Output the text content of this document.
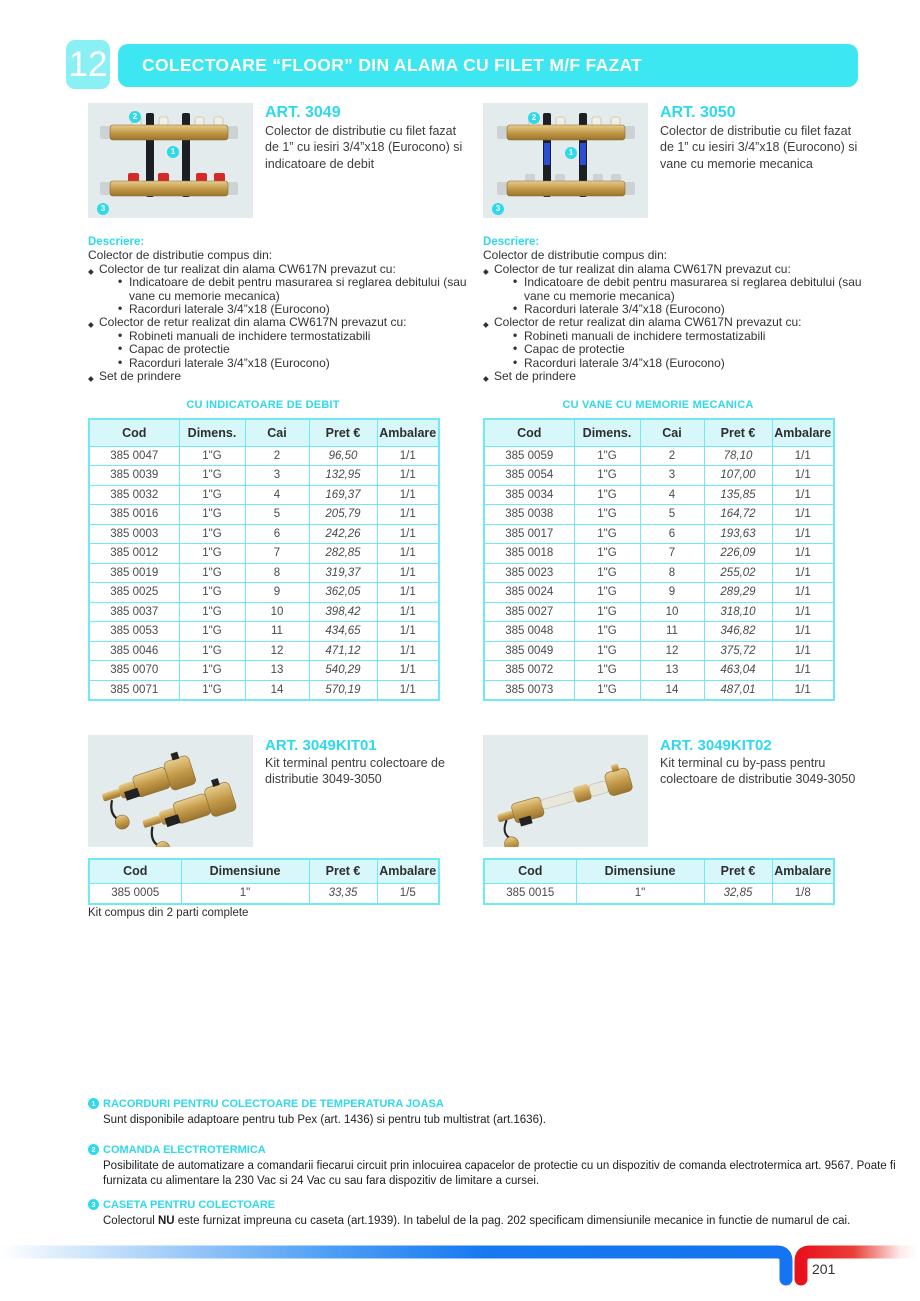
12	COLECTOARE “FLOOR” DIN ALAMA CU FILET M/F FAZAT
2
1
3
ART. 3049
Colector de distributie cu filet fazat de 1” cu iesiri 3/4”x18 (Eurocono) si indicatoare de debit
2
1
3
ART. 3050
Colector de distributie cu filet fazat de 1” cu iesiri 3/4”x18 (Eurocono) si vane cu memorie mecanica
Descriere:
Colector de distributie compus din:
◆ Colector de tur realizat din alama CW617N prevazut cu:
• Indicatoare de debit pentru masurarea si reglarea debitului (sau vane cu memorie mecanica)
• Racorduri laterale 3/4”x18 (Eurocono)
◆ Colector de retur realizat din alama CW617N prevazut cu:
• Robineti manuali de inchidere termostatizabili
• Capac de protectie
• Racorduri laterale 3/4”x18 (Eurocono)
◆ Set de prindere
Descriere:
Colector de distributie compus din:
◆ Colector de tur realizat din alama CW617N prevazut cu:
• Indicatoare de debit pentru masurarea si reglarea debitului (sau vane cu memorie mecanica)
• Racorduri laterale 3/4”x18 (Eurocono)
◆ Colector de retur realizat din alama CW617N prevazut cu:
• Robineti manuali de inchidere termostatizabili
• Capac de protectie
• Racorduri laterale 3/4”x18 (Eurocono)
◆ Set de prindere
CU INDICATOARE DE DEBIT	CU VANE CU MEMORIE MECANICA
Cod	Dimens.	Cai	Pret €	Ambalare
385 0047	1"G	2	96,50	1/1
385 0039	1"G	3	132,95	1/1
385 0032	1"G	4	169,37	1/1
385 0016	1"G	5	205,79	1/1
385 0003	1"G	6	242,26	1/1
385 0012	1"G	7	282,85	1/1
385 0019	1"G	8	319,37	1/1
385 0025	1"G	9	362,05	1/1
385 0037	1"G	10	398,42	1/1
385 0053	1"G	11	434,65	1/1
385 0046	1"G	12	471,12	1/1
385 0070	1"G	13	540,29	1/1
385 0071	1"G	14	570,19	1/1
Cod	Dimens.	Cai	Pret €	Ambalare
385 0059	1"G	2	78,10	1/1
385 0054	1"G	3	107,00	1/1
385 0034	1"G	4	135,85	1/1
385 0038	1"G	5	164,72	1/1
385 0017	1"G	6	193,63	1/1
385 0018	1"G	7	226,09	1/1
385 0023	1"G	8	255,02	1/1
385 0024	1"G	9	289,29	1/1
385 0027	1"G	10	318,10	1/1
385 0048	1"G	11	346,82	1/1
385 0049	1"G	12	375,72	1/1
385 0072	1"G	13	463,04	1/1
385 0073	1"G	14	487,01	1/1
ART. 3049KIT01
Kit terminal pentru colectoare de distributie 3049-3050
Cod	Dimensiune	Pret €	Ambalare
385 0005	1"	33,35	1/5
Kit compus din 2 parti complete
ART. 3049KIT02
Kit terminal cu by-pass pentru colectoare de distributie 3049-3050
Cod	Dimensiune	Pret €	Ambalare
385 0015	1"	32,85	1/8
1 RACORDURI PENTRU COLECTOARE DE TEMPERATURA JOASA
Sunt disponibile adaptoare pentru tub Pex (art. 1436) si pentru tub multistrat (art.1636).
2 COMANDA ELECTROTERMICA
Posibilitate de automatizare a comandarii fiecarui circuit prin inlocuirea capacelor de protectie cu un dispozitiv de comanda electrotermica art. 9567. Poate fi furnizata cu alimentare la 230 Vac si 24 Vac cu sau fara dispozitiv de limitare a cursei.
3 CASETA PENTRU COLECTOARE
Colectorul NU este furnizat impreuna cu caseta (art.1939). In tabelul de la pag. 202 specificam dimensiunile mecanice in functie de numarul de cai.
201
